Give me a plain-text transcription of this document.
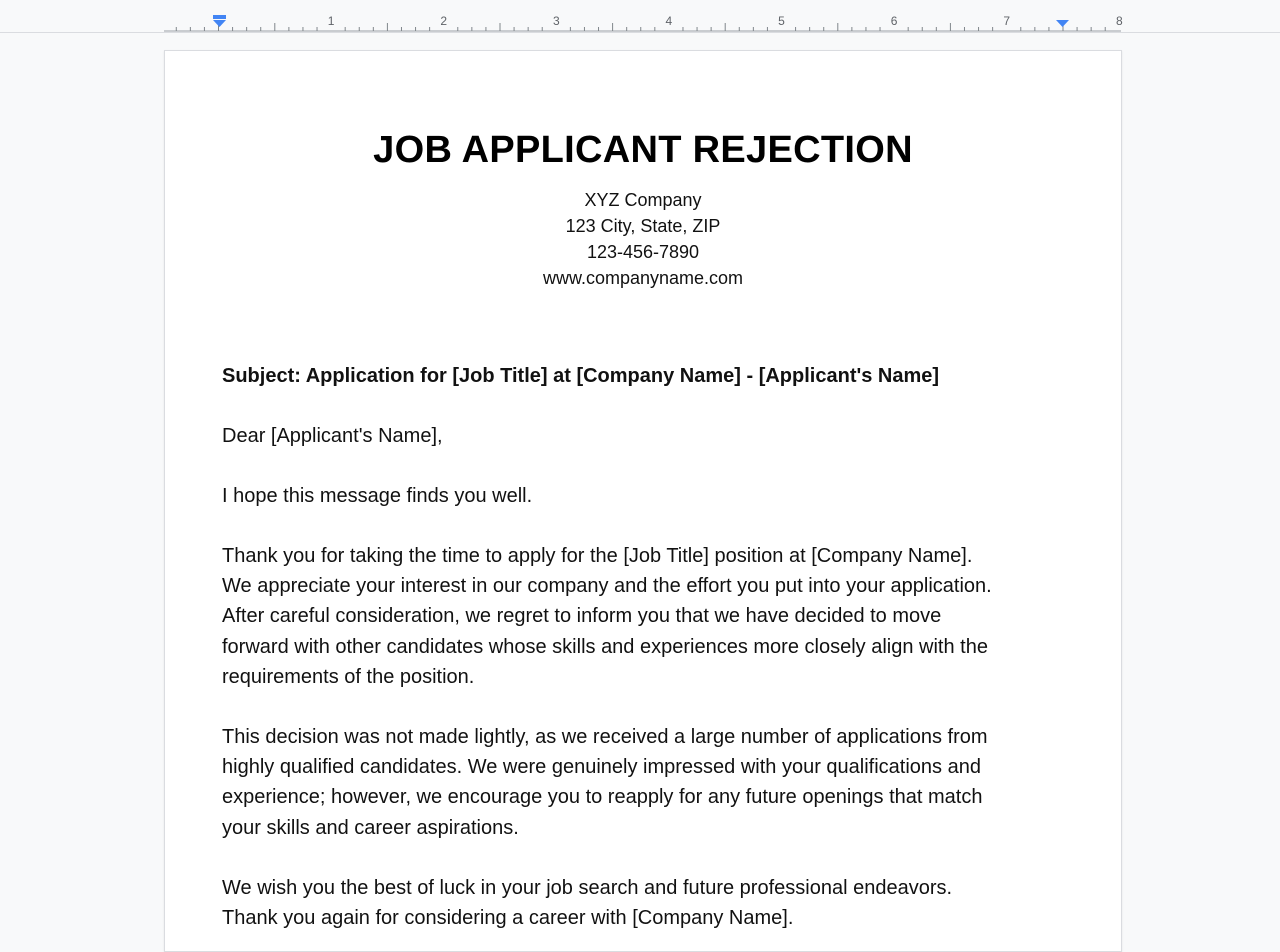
1	2	3	4	5	6	7	8
JOB APPLICANT REJECTION
XYZ Company
123 City, State, ZIP
123-456-7890
www.companyname.com
Subject: Application for [Job Title] at [Company Name] - [Applicant's Name]
Dear [Applicant's Name],
I hope this message finds you well.
Thank you for taking the time to apply for the [Job Title] position at [Company Name].
We appreciate your interest in our company and the effort you put into your application.
After careful consideration, we regret to inform you that we have decided to move
forward with other candidates whose skills and experiences more closely align with the
requirements of the position.
This decision was not made lightly, as we received a large number of applications from
highly qualified candidates. We were genuinely impressed with your qualifications and
experience; however, we encourage you to reapply for any future openings that match
your skills and career aspirations.
We wish you the best of luck in your job search and future professional endeavors.
Thank you again for considering a career with [Company Name].
